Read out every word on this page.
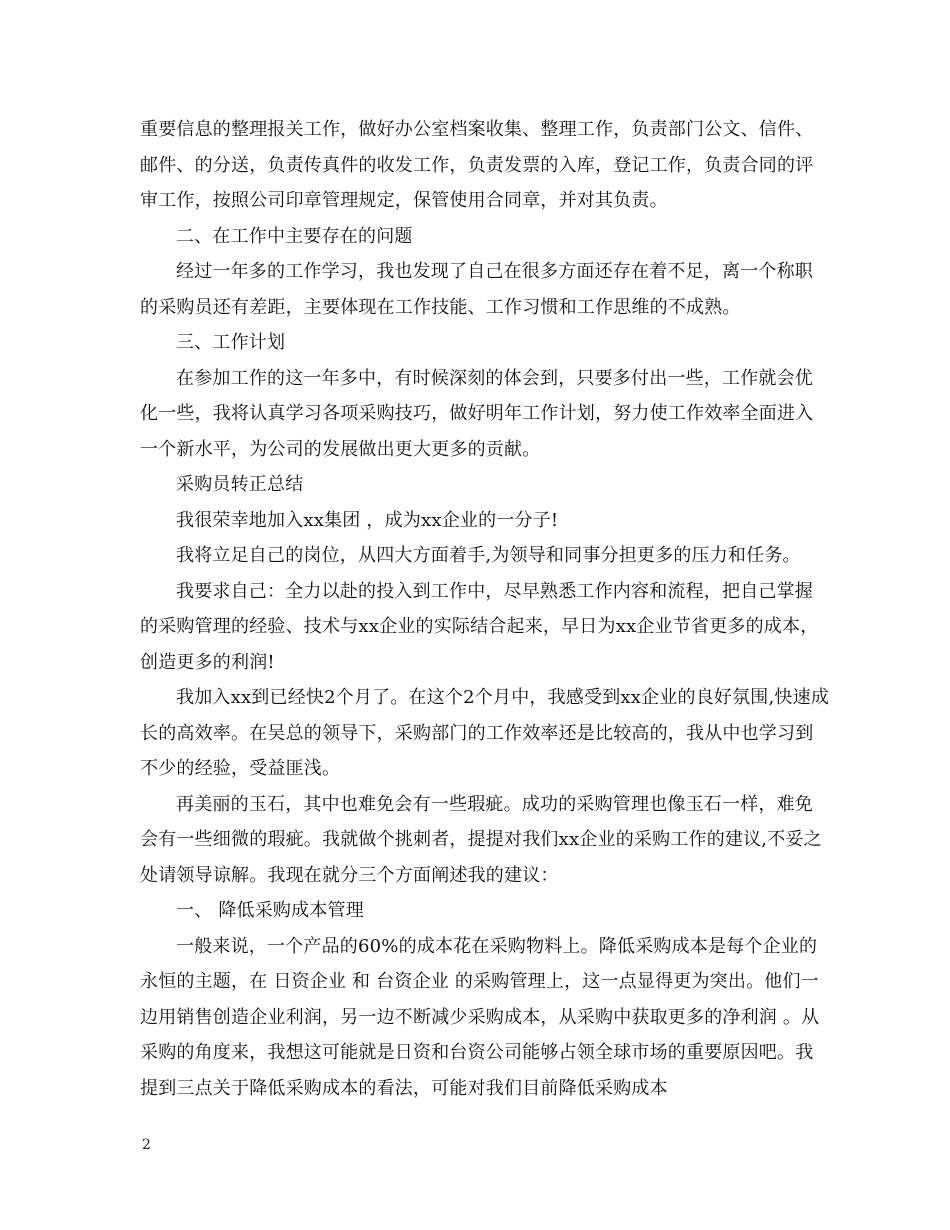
重要信息的整理报关工作，做好办公室档案收集、整理工作，负责部门公文、信件、邮件、的分送，负责传真件的收发工作，负责发票的入库，登记工作，负责合同的评审工作，按照公司印章管理规定，保管使用合同章，并对其负责。

二、在工作中主要存在的问题

经过一年多的工作学习，我也发现了自己在很多方面还存在着不足，离一个称职的采购员还有差距，主要体现在工作技能、工作习惯和工作思维的不成熟。

三、工作计划

在参加工作的这一年多中，有时候深刻的体会到，只要多付出一些，工作就会优化一些，我将认真学习各项采购技巧，做好明年工作计划，努力使工作效率全面进入一个新水平，为公司的发展做出更大更多的贡献。

采购员转正总结

我很荣幸地加入xx集团 ，成为xx企业的一分子!

我将立足自己的岗位，从四大方面着手,为领导和同事分担更多的压力和任务。

我要求自己：全力以赴的投入到工作中，尽早熟悉工作内容和流程，把自己掌握的采购管理的经验、技术与xx企业的实际结合起来，早日为xx企业节省更多的成本，创造更多的利润!

我加入xx到已经快2个月了。在这个2个月中，我感受到xx企业的良好氛围,快速成长的高效率。在吴总的领导下，采购部门的工作效率还是比较高的，我从中也学习到不少的经验，受益匪浅。

再美丽的玉石，其中也难免会有一些瑕疵。成功的采购管理也像玉石一样，难免会有一些细微的瑕疵。我就做个挑刺者，提提对我们xx企业的采购工作的建议,不妥之处请领导谅解。我现在就分三个方面阐述我的建议：

一、 降低采购成本管理

一般来说，一个产品的60%的成本花在采购物料上。降低采购成本是每个企业的永恒的主题，在 日资企业 和 台资企业 的采购管理上，这一点显得更为突出。他们一边用销售创造企业利润，另一边不断减少采购成本，从采购中获取更多的净利润 。从采购的角度来，我想这可能就是日资和台资公司能够占领全球市场的重要原因吧。我提到三点关于降低采购成本的看法，可能对我们目前降低采购成本

2
